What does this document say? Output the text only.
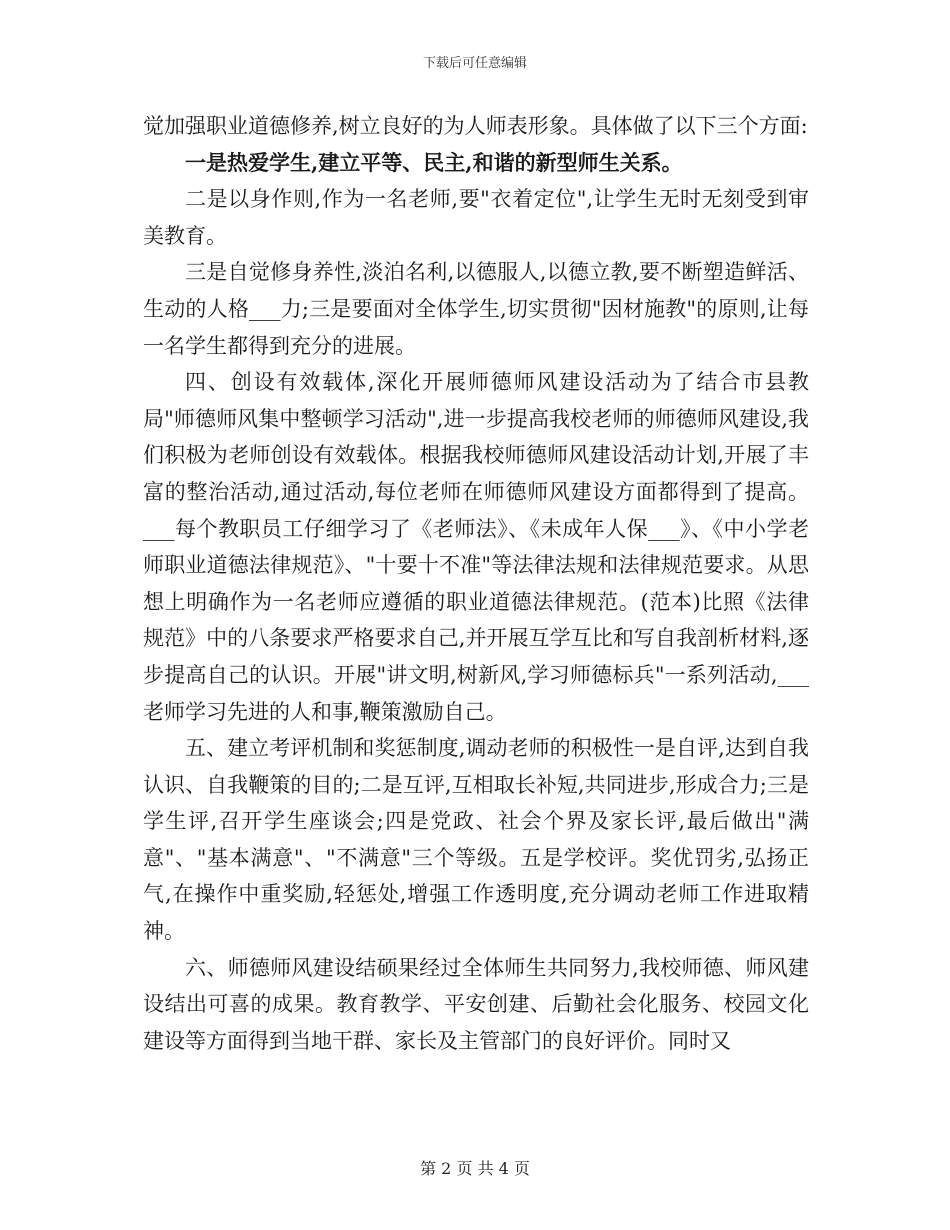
下载后可任意编辑

觉加强职业道德修养,树立良好的为人师表形象。具体做了以下三个方面:

一是热爱学生,建立平等、民主,和谐的新型师生关系。

二是以身作则,作为一名老师,要"衣着定位",让学生无时无刻受到审美教育。

三是自觉修身养性,淡泊名利,以德服人,以德立教,要不断塑造鲜活、生动的人格___力;三是要面对全体学生,切实贯彻"因材施教"的原则,让每一名学生都得到充分的进展。

四、创设有效载体,深化开展师德师风建设活动为了结合市县教局"师德师风集中整顿学习活动",进一步提高我校老师的师德师风建设,我们积极为老师创设有效载体。根据我校师德师风建设活动计划,开展了丰富的整治活动,通过活动,每位老师在师德师风建设方面都得到了提高。___每个教职员工仔细学习了《老师法》、《未成年人保___》、《中小学老师职业道德法律规范》、"十要十不准"等法律法规和法律规范要求。从思想上明确作为一名老师应遵循的职业道德法律规范。(范本)比照《法律规范》中的八条要求严格要求自己,并开展互学互比和写自我剖析材料,逐步提高自己的认识。开展"讲文明,树新风,学习师德标兵"一系列活动,___老师学习先进的人和事,鞭策激励自己。

五、建立考评机制和奖惩制度,调动老师的积极性一是自评,达到自我认识、自我鞭策的目的;二是互评,互相取长补短,共同进步,形成合力;三是学生评,召开学生座谈会;四是党政、社会个界及家长评,最后做出"满意"、"基本满意"、"不满意"三个等级。五是学校评。奖优罚劣,弘扬正气,在操作中重奖励,轻惩处,增强工作透明度,充分调动老师工作进取精神。

六、师德师风建设结硕果经过全体师生共同努力,我校师德、师风建设结出可喜的成果。教育教学、平安创建、后勤社会化服务、校园文化建设等方面得到当地干群、家长及主管部门的良好评价。同时又

第 2 页 共 4 页
